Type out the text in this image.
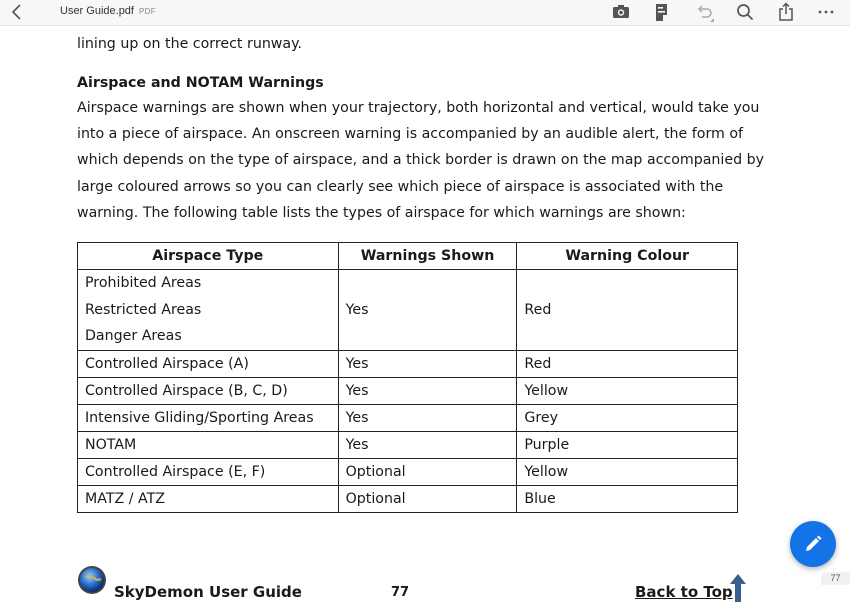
User Guide.pdf PDF
lining up on the correct runway.
Airspace and NOTAM Warnings
Airspace warnings are shown when your trajectory, both horizontal and vertical, would take you into a piece of airspace. An onscreen warning is accompanied by an audible alert, the form of which depends on the type of airspace, and a thick border is drawn on the map accompanied by large coloured arrows so you can clearly see which piece of airspace is associated with the warning. The following table lists the types of airspace for which warnings are shown:
Airspace Type	Warnings Shown	Warning Colour

Prohibited Areas
Restricted Areas
Danger Areas	Yes	Red
Controlled Airspace (A)	Yes	Red
Controlled Airspace (B, C, D)	Yes	Yellow
Intensive Gliding/Sporting Areas	Yes	Grey
NOTAM	Yes	Purple
Controlled Airspace (E, F)	Optional	Yellow
MATZ / ATZ	Optional	Blue
SkyDemon User Guide	77	Back to Top
77
